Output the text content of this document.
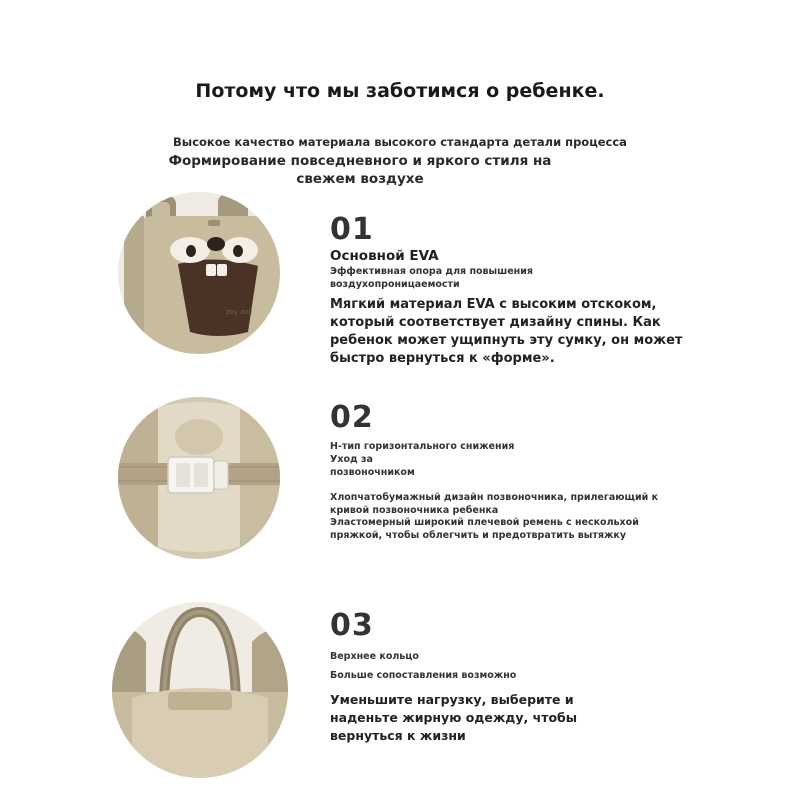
Потому что мы заботимся о ребенке.
Высокое качество материала высокого стандарта детали процесса
Формирование повседневного и яркого стиля на свежем воздухе
zoy zoii
01
Основной EVA
Эффективная опора для повышения воздухопроницаемости
Мягкий материал EVA с высоким отскоком, который соответствует дизайну спины. Как ребенок может ущипнуть эту сумку, он может быстро вернуться к «форме».
02
H-тип горизонтального снижения
Уход за позвоночником
Хлопчатобумажный дизайн позвоночника, прилегающий к кривой позвоночника ребенка
Эластомерный широкий плечевой ремень с нескольхой пряжкой, чтобы облегчить и предотвратить вытяжку
03
Верхнее кольцо
Больше сопоставления возможно
Уменьшите нагрузку, выберите и наденьте жирную одежду, чтобы вернуться к жизни
